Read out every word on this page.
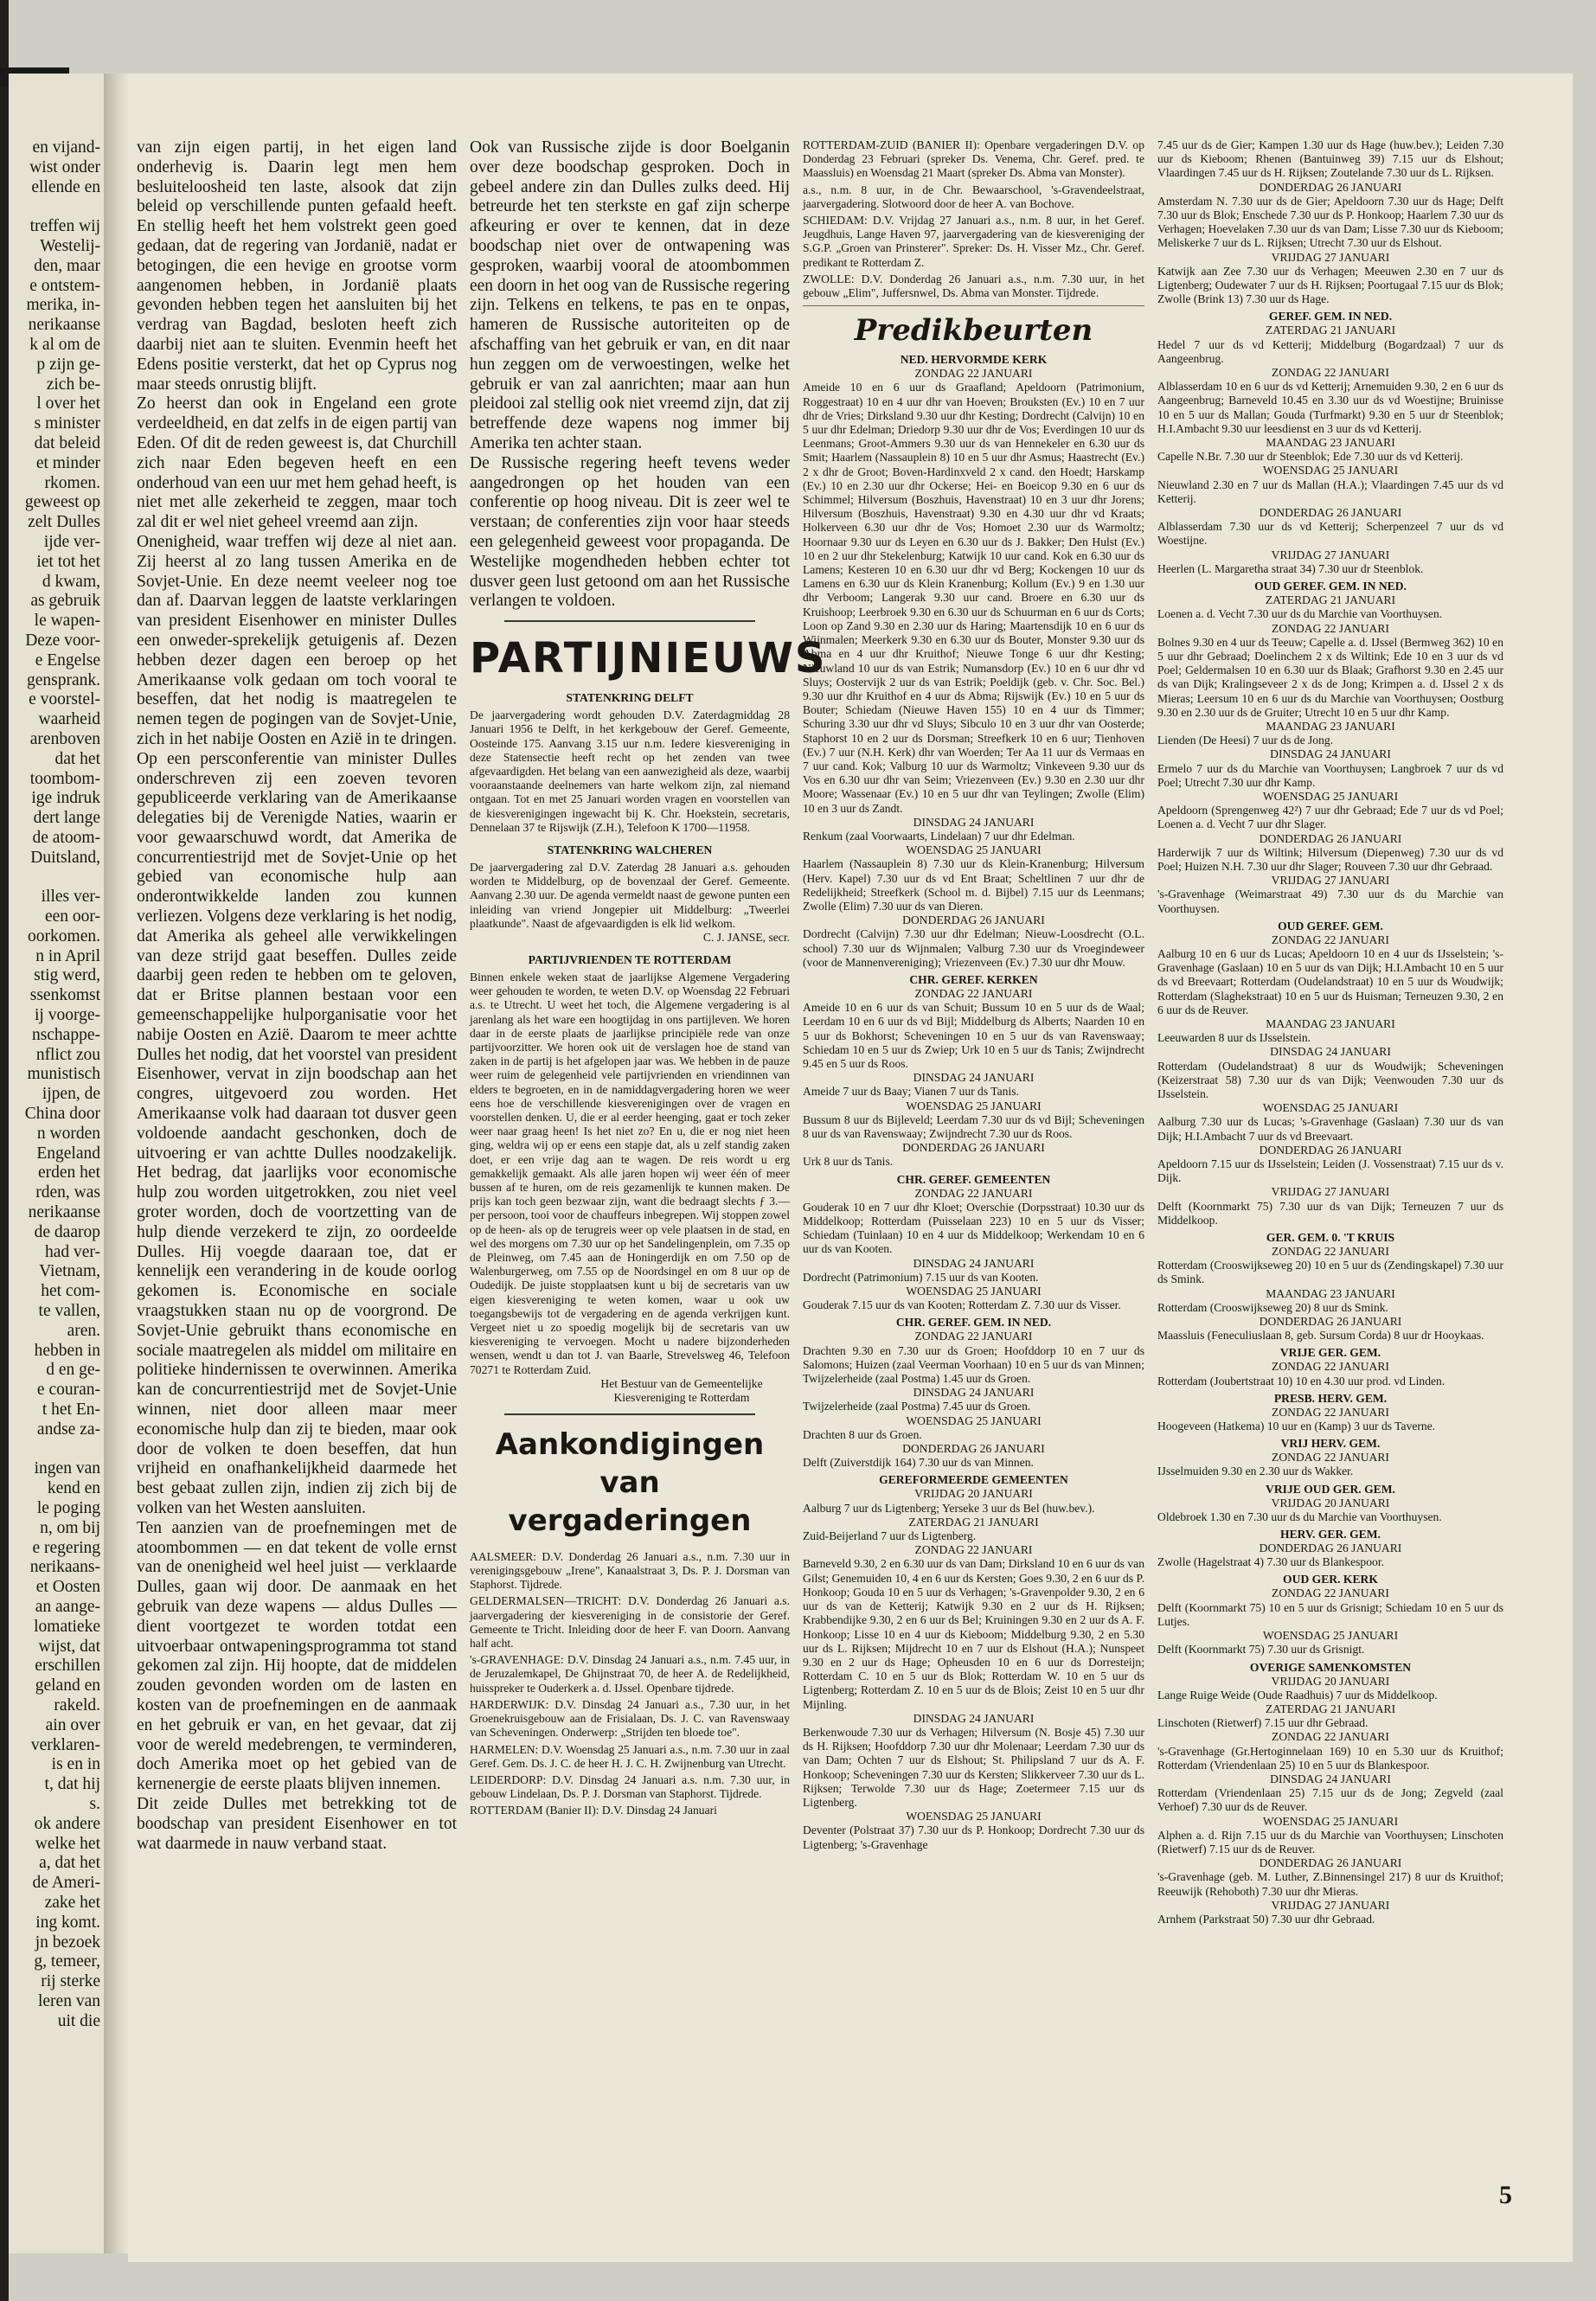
en vijand-
wist onder
ellende en

treffen wij
Westelij-
den, maar
e ontstem-
merika, in-
nerikaanse
k al om de
p zijn ge-
zich be-
l over het
s minister
dat beleid
et minder
rkomen.
geweest op
zelt Dulles
ijde ver-
iet tot het
d kwam,
as gebruik
le wapen-
Deze voor-
e Engelse
gensprank.
e voorstel-
waarheid
arenboven
dat het
toombom-
ige indruk
dert lange
de atoom-
Duitsland,

illes ver-
een oor-
oorkomen.
n in April
stig werd,
ssenkomst
ij voorge-
nschappe-
nflict zou
munistisch
ijpen, de
China door
n worden
Engeland
erden het
rden, was
nerikaanse
de daarop
had ver-
Vietnam,
het com-
te vallen,
aren.
hebben in
d en ge-
e couran-
t het En-
andse za-

ingen van
kend en
le poging
n, om bij
e regering
nerikaans-
et Oosten
an aange-
lomatieke
wijst, dat
erschillen
geland en
rakeld.
ain over
verklaren-
is en in
t, dat hij
s.
ok andere
welke het
a, dat het
de Ameri-
zake het
ing komt.
jn bezoek
g, temeer,
rij sterke
leren van
uit die

van zijn eigen partij, in het eigen land onderhevig is. Daarin legt men hem besluiteloosheid ten laste, alsook dat zijn beleid op verschillende punten gefaald heeft. En stellig heeft het hem volstrekt geen goed gedaan, dat de regering van Jordanië, nadat er betogingen, die een hevige en grootse vorm aangenomen hebben, in Jordanië plaats gevonden hebben tegen het aansluiten bij het verdrag van Bagdad, besloten heeft zich daarbij niet aan te sluiten. Evenmin heeft het Edens positie versterkt, dat het op Cyprus nog maar steeds onrustig blijft.

Zo heerst dan ook in Engeland een grote verdeeldheid, en dat zelfs in de eigen partij van Eden. Of dit de reden geweest is, dat Churchill zich naar Eden begeven heeft en een onderhoud van een uur met hem gehad heeft, is niet met alle zekerheid te zeggen, maar toch zal dit er wel niet geheel vreemd aan zijn.

Onenigheid, waar treffen wij deze al niet aan. Zij heerst al zo lang tussen Amerika en de Sovjet-Unie. En deze neemt veeleer nog toe dan af. Daarvan leggen de laatste verklaringen van president Eisenhower en minister Dulles een onweder-sprekelijk getuigenis af. Dezen hebben dezer dagen een beroep op het Amerikaanse volk gedaan om toch vooral te beseffen, dat het nodig is maatregelen te nemen tegen de pogingen van de Sovjet-Unie, zich in het nabije Oosten en Azië in te dringen. Op een persconferentie van minister Dulles onderschreven zij een zoeven tevoren gepubliceerde verklaring van de Amerikaanse delegaties bij de Verenigde Naties, waarin er voor gewaarschuwd wordt, dat Amerika de concurrentiestrijd met de Sovjet-Unie op het gebied van economische hulp aan onderontwikkelde landen zou kunnen verliezen. Volgens deze verklaring is het nodig, dat Amerika als geheel alle verwikkelingen van deze strijd gaat beseffen. Dulles zeide daarbij geen reden te hebben om te geloven, dat er Britse plannen bestaan voor een gemeenschappelijke hulporganisatie voor het nabije Oosten en Azië. Daarom te meer achtte Dulles het nodig, dat het voorstel van president Eisenhower, vervat in zijn boodschap aan het congres, uitgevoerd zou worden. Het Amerikaanse volk had daaraan tot dusver geen voldoende aandacht geschonken, doch de uitvoering er van achtte Dulles noodzakelijk. Het bedrag, dat jaarlijks voor economische hulp zou worden uitgetrokken, zou niet veel groter worden, doch de voortzetting van de hulp diende verzekerd te zijn, zo oordeelde Dulles. Hij voegde daaraan toe, dat er kennelijk een verandering in de koude oorlog gekomen is. Economische en sociale vraagstukken staan nu op de voorgrond. De Sovjet-Unie gebruikt thans economische en sociale maatregelen als middel om militaire en politieke hindernissen te overwinnen. Amerika kan de concurrentiestrijd met de Sovjet-Unie winnen, niet door alleen maar meer economische hulp dan zij te bieden, maar ook door de volken te doen beseffen, dat hun vrijheid en onafhankelijkheid daarmede het best gebaat zullen zijn, indien zij zich bij de volken van het Westen aansluiten.

Ten aanzien van de proefnemingen met de atoombommen — en dat tekent de volle ernst van de onenigheid wel heel juist — verklaarde Dulles, gaan wij door. De aanmaak en het gebruik van deze wapens — aldus Dulles — dient voortgezet te worden totdat een uitvoerbaar ontwapeningsprogramma tot stand gekomen zal zijn. Hij hoopte, dat de middelen zouden gevonden worden om de lasten en kosten van de proefnemingen en de aanmaak en het gebruik er van, en het gevaar, dat zij voor de wereld medebrengen, te verminderen, doch Amerika moet op het gebied van de kernenergie de eerste plaats blijven innemen.

Dit zeide Dulles met betrekking tot de boodschap van president Eisenhower en tot wat daarmede in nauw verband staat.

Ook van Russische zijde is door Boelganin over deze boodschap gesproken. Doch in gebeel andere zin dan Dulles zulks deed. Hij betreurde het ten sterkste en gaf zijn scherpe afkeuring er over te kennen, dat in deze boodschap niet over de ontwapening was gesproken, waarbij vooral de atoombommen een doorn in het oog van de Russische regering zijn. Telkens en telkens, te pas en te onpas, hameren de Russische autoriteiten op de afschaffing van het gebruik er van, en dit naar hun zeggen om de verwoestingen, welke het gebruik er van zal aanrichten; maar aan hun pleidooi zal stellig ook niet vreemd zijn, dat zij betreffende deze wapens nog immer bij Amerika ten achter staan.

De Russische regering heeft tevens weder aangedrongen op het houden van een conferentie op hoog niveau. Dit is zeer wel te verstaan; de conferenties zijn voor haar steeds een gelegenheid geweest voor propaganda. De Westelijke mogendheden hebben echter tot dusver geen lust getoond om aan het Russische verlangen te voldoen.

PARTIJNIEUWS
STATENKRING DELFT

De jaarvergadering wordt gehouden D.V. Zaterdagmiddag 28 Januari 1956 te Delft, in het kerkgebouw der Geref. Gemeente, Oosteinde 175. Aanvang 3.15 uur n.m. Iedere kiesvereniging in deze Statensectie heeft recht op het zenden van twee afgevaardigden. Het belang van een aanwezigheid als deze, waarbij vooraanstaande deelnemers van harte welkom zijn, zal niemand ontgaan. Tot en met 25 Januari worden vragen en voorstellen van de kiesverenigingen ingewacht bij K. Chr. Hoekstein, secretaris, Dennelaan 37 te Rijswijk (Z.H.), Telefoon K 1700—11958.

STATENKRING WALCHEREN

De jaarvergadering zal D.V. Zaterdag 28 Januari a.s. gehouden worden te Middelburg, op de bovenzaal der Geref. Gemeente. Aanvang 2.30 uur. De agenda vermeldt naast de gewone punten een inleiding van vriend Jongepier uit Middelburg: „Tweerlei plaatkunde". Naast de afgevaardigden is elk lid welkom.

C. J. JANSE, secr.
PARTIJVRIENDEN TE ROTTERDAM

Binnen enkele weken staat de jaarlijkse Algemene Vergadering weer gehouden te worden, te weten D.V. op Woensdag 22 Februari a.s. te Utrecht. U weet het toch, die Algemene vergadering is al jarenlang als het ware een hoogtijdag in ons partijleven. We horen daar in de eerste plaats de jaarlijkse principiële rede van onze partijvoorzitter. We horen ook uit de verslagen hoe de stand van zaken in de partij is het afgelopen jaar was. We hebben in de pauze weer ruim de gelegenheid vele partijvrienden en vriendinnen van elders te begroeten, en in de namiddagvergadering horen we weer eens hoe de verschillende kiesverenigingen over de vragen en voorstellen denken. U, die er al eerder heenging, gaat er toch zeker weer naar graag heen! Is het niet zo? En u, die er nog niet heen ging, weldra wij op er eens een stapje dat, als u zelf standig zaken doet, er een vrije dag aan te wagen. De reis wordt u erg gemakkelijk gemaakt. Als alle jaren hopen wij weer één of meer bussen af te huren, om de reis gezamenlijk te kunnen maken. De prijs kan toch geen bezwaar zijn, want die bedraagt slechts ƒ 3.— per persoon, tooi voor de chauffeurs inbegrepen. Wij stoppen zowel op de heen- als op de terugreis weer op vele plaatsen in de stad, en wel des morgens om 7.30 uur op het Sandelingenplein, om 7.35 op de Pleinweg, om 7.45 aan de Honingerdijk en om 7.50 op de Walenburgerweg, om 7.55 op de Noordsingel en om 8 uur op de Oudedijk. De juiste stopplaatsen kunt u bij de secretaris van uw eigen kiesvereniging te weten komen, waar u ook uw toegangsbewijs tot de vergadering en de agenda verkrijgen kunt. Vergeet niet u zo spoedig mogelijk bij de secretaris van uw kiesvereniging te vervoegen. Mocht u nadere bijzonderheden wensen, wendt u dan tot J. van Baarle, Strevelsweg 46, Telefoon 70271 te Rotterdam Zuid.

Het Bestuur van de Gemeentelijke Kiesvereniging te Rotterdam
Aankondigingen van
vergaderingen

AALSMEER: D.V. Donderdag 26 Januari a.s., n.m. 7.30 uur in verenigingsgebouw „Irene", Kanaalstraat 3, Ds. P. J. Dorsman van Staphorst. Tijdrede.

GELDERMALSEN—TRICHT: D.V. Donderdag 26 Januari a.s. jaarvergadering der kiesvereniging in de consistorie der Geref. Gemeente te Tricht. Inleiding door de heer F. van Doorn. Aanvang half acht.

's-GRAVENHAGE: D.V. Dinsdag 24 Januari a.s., n.m. 7.45 uur, in de Jeruzalemkapel, De Ghijnstraat 70, de heer A. de Redelijkheid, huisspreker te Ouderkerk a. d. IJssel. Openbare tijdrede.

HARDERWIJK: D.V. Dinsdag 24 Januari a.s., 7.30 uur, in het Groenekruisgebouw aan de Frisialaan, Ds. J. C. van Ravenswaay van Scheveningen. Onderwerp: „Strijden ten bloede toe".

HARMELEN: D.V. Woensdag 25 Januari a.s., n.m. 7.30 uur in zaal Geref. Gem. Ds. J. C. de heer H. J. C. H. Zwijnenburg van Utrecht.

LEIDERDORP: D.V. Dinsdag 24 Januari a.s. n.m. 7.30 uur, in gebouw Lindelaan, Ds. P. J. Dorsman van Staphorst. Tijdrede.

ROTTERDAM (Banier II): D.V. Dinsdag 24 Januari

ROTTERDAM-ZUID (BANIER II): Openbare vergaderingen D.V. op Donderdag 23 Februari (spreker Ds. Venema, Chr. Geref. pred. te Maassluis) en Woensdag 21 Maart (spreker Ds. Abma van Monster).

a.s., n.m. 8 uur, in de Chr. Bewaarschool, 's-Gravendeelstraat, jaarvergadering. Slotwoord door de heer A. van Bochove.

SCHIEDAM: D.V. Vrijdag 27 Januari a.s., n.m. 8 uur, in het Geref. Jeugdhuis, Lange Haven 97, jaarvergadering van de kiesvereniging der S.G.P. „Groen van Prinsterer". Spreker: Ds. H. Visser Mz., Chr. Geref. predikant te Rotterdam Z.

ZWOLLE: D.V. Donderdag 26 Januari a.s., n.m. 7.30 uur, in het gebouw „Elim", Juffersnwel, Ds. Abma van Monster. Tijdrede.

Predikbeurten
NED. HERVORMDE KERK
ZONDAG 22 JANUARI

Ameide 10 en 6 uur ds Graafland; Apeldoorn (Patrimonium, Roggestraat) 10 en 4 uur dhr van Hoeven; Brouksten (Ev.) 10 en 7 uur dhr de Vries; Dirksland 9.30 uur dhr Kesting; Dordrecht (Calvijn) 10 en 5 uur dhr Edelman; Driedorp 9.30 uur dhr de Vos; Everdingen 10 uur ds Leenmans; Groot-Ammers 9.30 uur ds van Hennekeler en 6.30 uur ds Smit; Haarlem (Nassauplein 8) 10 en 5 uur dhr Asmus; Haastrecht (Ev.) 2 x dhr de Groot; Boven-Hardinxveld 2 x cand. den Hoedt; Harskamp (Ev.) 10 en 2.30 uur dhr Ockerse; Hei- en Boeicop 9.30 en 6 uur ds Schimmel; Hilversum (Boszhuis, Havenstraat) 10 en 3 uur dhr Jorens; Hilversum (Boszhuis, Havenstraat) 9.30 en 4.30 uur dhr vd Kraats; Holkerveen 6.30 uur dhr de Vos; Homoet 2.30 uur ds Warmoltz; Hoornaar 9.30 uur ds Leyen en 6.30 uur ds J. Bakker; Den Hulst (Ev.) 10 en 2 uur dhr Stekelenburg; Katwijk 10 uur cand. Kok en 6.30 uur ds Lamens; Kesteren 10 en 6.30 uur dhr vd Berg; Kockengen 10 uur ds Lamens en 6.30 uur ds Klein Kranenburg; Kollum (Ev.) 9 en 1.30 uur dhr Verboom; Langerak 9.30 uur cand. Broere en 6.30 uur ds Kruishoop; Leerbroek 9.30 en 6.30 uur ds Schuurman en 6 uur ds Corts; Loon op Zand 9.30 en 2.30 uur ds Haring; Maartensdijk 10 en 6 uur ds Wijnmalen; Meerkerk 9.30 en 6.30 uur ds Bouter, Monster 9.30 uur ds Abma en 4 uur dhr Kruithof; Nieuwe Tonge 6 uur dhr Kesting; Nieuwland 10 uur ds van Estrik; Numansdorp (Ev.) 10 en 6 uur dhr vd Sluys; Oostervijk 2 uur ds van Estrik; Poeldijk (geb. v. Chr. Soc. Bel.) 9.30 uur dhr Kruithof en 4 uur ds Abma; Rijswijk (Ev.) 10 en 5 uur ds Bouter; Schiedam (Nieuwe Haven 155) 10 en 4 uur ds Timmer; Schuring 3.30 uur dhr vd Sluys; Sibculo 10 en 3 uur dhr van Oosterde; Staphorst 10 en 2 uur ds Dorsman; Streefkerk 10 en 6 uur; Tienhoven (Ev.) 7 uur (N.H. Kerk) dhr van Woerden; Ter Aa 11 uur ds Vermaas en 7 uur cand. Kok; Valburg 10 uur ds Warmoltz; Vinkeveen 9.30 uur ds Vos en 6.30 uur dhr van Seim; Vriezenveen (Ev.) 9.30 en 2.30 uur dhr Moore; Wassenaar (Ev.) 10 en 5 uur dhr van Teylingen; Zwolle (Elim) 10 en 3 uur ds Zandt.

DINSDAG 24 JANUARI

Renkum (zaal Voorwaarts, Lindelaan) 7 uur dhr Edelman.

WOENSDAG 25 JANUARI

Haarlem (Nassauplein 8) 7.30 uur ds Klein-Kranenburg; Hilversum (Herv. Kapel) 7.30 uur ds vd Ent Braat; Scheltlinen 7 uur dhr de Redelijkheid; Streefkerk (School m. d. Bijbel) 7.15 uur ds Leenmans; Zwolle (Elim) 7.30 uur ds van Dieren.

DONDERDAG 26 JANUARI

Dordrecht (Calvijn) 7.30 uur dhr Edelman; Nieuw-Loosdrecht (O.L. school) 7.30 uur ds Wijnmalen; Valburg 7.30 uur ds Vroegindeweer (voor de Mannenvereniging); Vriezenveen (Ev.) 7.30 uur dhr Mouw.

CHR. GEREF. KERKEN
ZONDAG 22 JANUARI

Ameide 10 en 6 uur ds van Schuit; Bussum 10 en 5 uur ds de Waal; Leerdam 10 en 6 uur ds vd Bijl; Middelburg ds Alberts; Naarden 10 en 5 uur ds Bokhorst; Scheveningen 10 en 5 uur ds van Ravenswaay; Schiedam 10 en 5 uur ds Zwiep; Urk 10 en 5 uur ds Tanis; Zwijndrecht 9.45 en 5 uur ds Roos.

DINSDAG 24 JANUARI

Ameide 7 uur ds Baay; Vianen 7 uur ds Tanis.

WOENSDAG 25 JANUARI

Bussum 8 uur ds Bijleveld; Leerdam 7.30 uur ds vd Bijl; Scheveningen 8 uur ds van Ravenswaay; Zwijndrecht 7.30 uur ds Roos.

DONDERDAG 26 JANUARI

Urk 8 uur ds Tanis.

CHR. GEREF. GEMEENTEN
ZONDAG 22 JANUARI

Gouderak 10 en 7 uur dhr Kloet; Overschie (Dorpsstraat) 10.30 uur ds Middelkoop; Rotterdam (Puisselaan 223) 10 en 5 uur ds Visser; Schiedam (Tuinlaan) 10 en 4 uur ds Middelkoop; Werkendam 10 en 6 uur ds van Kooten.

DINSDAG 24 JANUARI

Dordrecht (Patrimonium) 7.15 uur ds van Kooten.

WOENSDAG 25 JANUARI

Gouderak 7.15 uur ds van Kooten; Rotterdam Z. 7.30 uur ds Visser.

CHR. GEREF. GEM. IN NED.
ZONDAG 22 JANUARI

Drachten 9.30 en 7.30 uur ds Groen; Hoofddorp 10 en 7 uur ds Salomons; Huizen (zaal Veerman Voorhaan) 10 en 5 uur ds van Minnen; Twijzelerheide (zaal Postma) 1.45 uur ds Groen.

DINSDAG 24 JANUARI

Twijzelerheide (zaal Postma) 7.45 uur ds Groen.

WOENSDAG 25 JANUARI

Drachten 8 uur ds Groen.

DONDERDAG 26 JANUARI

Delft (Zuiverstdijk 164) 7.30 uur ds van Minnen.

GEREFORMEERDE GEMEENTEN
VRIJDAG 20 JANUARI

Aalburg 7 uur ds Ligtenberg; Yerseke 3 uur ds Bel (huw.bev.).

ZATERDAG 21 JANUARI

Zuid-Beijerland 7 uur ds Ligtenberg.

ZONDAG 22 JANUARI

Barneveld 9.30, 2 en 6.30 uur ds van Dam; Dirksland 10 en 6 uur ds van Gilst; Genemuiden 10, 4 en 6 uur ds Kersten; Goes 9.30, 2 en 6 uur ds P. Honkoop; Gouda 10 en 5 uur ds Verhagen; 's-Gravenpolder 9.30, 2 en 6 uur ds van de Ketterij; Katwijk 9.30 en 2 uur ds H. Rijksen; Krabbendijke 9.30, 2 en 6 uur ds Bel; Kruiningen 9.30 en 2 uur ds A. F. Honkoop; Lisse 10 en 4 uur ds Kieboom; Middelburg 9.30, 2 en 5.30 uur ds L. Rijksen; Mijdrecht 10 en 7 uur ds Elshout (H.A.); Nunspeet 9.30 en 2 uur ds Hage; Opheusden 10 en 6 uur ds Dorresteijn; Rotterdam C. 10 en 5 uur ds Blok; Rotterdam W. 10 en 5 uur ds Ligtenberg; Rotterdam Z. 10 en 5 uur ds de Blois; Zeist 10 en 5 uur dhr Mijnling.

DINSDAG 24 JANUARI

Berkenwoude 7.30 uur ds Verhagen; Hilversum (N. Bosje 45) 7.30 uur ds H. Rijksen; Hoofddorp 7.30 uur dhr Molenaar; Leerdam 7.30 uur ds van Dam; Ochten 7 uur ds Elshout; St. Philipsland 7 uur ds A. F. Honkoop; Scheveningen 7.30 uur ds Kersten; Slikkerveer 7.30 uur ds L. Rijksen; Terwolde 7.30 uur ds Hage; Zoetermeer 7.15 uur ds Ligtenberg.

WOENSDAG 25 JANUARI

Deventer (Polstraat 37) 7.30 uur ds P. Honkoop; Dordrecht 7.30 uur ds Ligtenberg; 's-Gravenhage

7.45 uur ds de Gier; Kampen 1.30 uur ds Hage (huw.bev.); Leiden 7.30 uur ds Kieboom; Rhenen (Bantuinweg 39) 7.15 uur ds Elshout; Vlaardingen 7.45 uur ds H. Rijksen; Zoutelande 7.30 uur ds L. Rijksen.

DONDERDAG 26 JANUARI

Amsterdam N. 7.30 uur ds de Gier; Apeldoorn 7.30 uur ds Hage; Delft 7.30 uur ds Blok; Enschede 7.30 uur ds P. Honkoop; Haarlem 7.30 uur ds Verhagen; Hoevelaken 7.30 uur ds van Dam; Lisse 7.30 uur ds Kieboom; Meliskerke 7 uur ds L. Rijksen; Utrecht 7.30 uur ds Elshout.

VRIJDAG 27 JANUARI

Katwijk aan Zee 7.30 uur ds Verhagen; Meeuwen 2.30 en 7 uur ds Ligtenberg; Oudewater 7 uur ds H. Rijksen; Poortugaal 7.15 uur ds Blok; Zwolle (Brink 13) 7.30 uur ds Hage.

GEREF. GEM. IN NED.
ZATERDAG 21 JANUARI

Hedel 7 uur ds vd Ketterij; Middelburg (Bogardzaal) 7 uur ds Aangeenbrug.

ZONDAG 22 JANUARI

Alblasserdam 10 en 6 uur ds vd Ketterij; Arnemuiden 9.30, 2 en 6 uur ds Aangeenbrug; Barneveld 10.45 en 3.30 uur ds vd Woestijne; Bruinisse 10 en 5 uur ds Mallan; Gouda (Turfmarkt) 9.30 en 5 uur dr Steenblok; H.I.Ambacht 9.30 uur leesdienst en 3 uur ds vd Ketterij.

MAANDAG 23 JANUARI

Capelle N.Br. 7.30 uur dr Steenblok; Ede 7.30 uur ds vd Ketterij.

WOENSDAG 25 JANUARI

Nieuwland 2.30 en 7 uur ds Mallan (H.A.); Vlaardingen 7.45 uur ds vd Ketterij.

DONDERDAG 26 JANUARI

Alblasserdam 7.30 uur ds vd Ketterij; Scherpenzeel 7 uur ds vd Woestijne.

VRIJDAG 27 JANUARI

Heerlen (L. Margaretha straat 34) 7.30 uur dr Steenblok.

OUD GEREF. GEM. IN NED.
ZATERDAG 21 JANUARI

Loenen a. d. Vecht 7.30 uur ds du Marchie van Voorthuysen.

ZONDAG 22 JANUARI

Bolnes 9.30 en 4 uur ds Teeuw; Capelle a. d. IJssel (Bermweg 362) 10 en 5 uur dhr Gebraad; Doelinchem 2 x ds Wiltink; Ede 10 en 3 uur ds vd Poel; Geldermalsen 10 en 6.30 uur ds Blaak; Grafhorst 9.30 en 2.45 uur ds van Dijk; Kralingseveer 2 x ds de Jong; Krimpen a. d. IJssel 2 x ds Mieras; Leersum 10 en 6 uur ds du Marchie van Voorthuysen; Oostburg 9.30 en 2.30 uur ds de Gruiter; Utrecht 10 en 5 uur dhr Kamp.

MAANDAG 23 JANUARI

Lienden (De Heesi) 7 uur ds de Jong.

DINSDAG 24 JANUARI

Ermelo 7 uur ds du Marchie van Voorthuysen; Langbroek 7 uur ds vd Poel; Utrecht 7.30 uur dhr Kamp.

WOENSDAG 25 JANUARI

Apeldoorn (Sprengenweg 42²) 7 uur dhr Gebraad; Ede 7 uur ds vd Poel; Loenen a. d. Vecht 7 uur dhr Slager.

DONDERDAG 26 JANUARI

Harderwijk 7 uur ds Wiltink; Hilversum (Diepenweg) 7.30 uur ds vd Poel; Huizen N.H. 7.30 uur dhr Slager; Rouveen 7.30 uur dhr Gebraad.

VRIJDAG 27 JANUARI

's-Gravenhage (Weimarstraat 49) 7.30 uur ds du Marchie van Voorthuysen.

OUD GEREF. GEM.
ZONDAG 22 JANUARI

Aalburg 10 en 6 uur ds Lucas; Apeldoorn 10 en 4 uur ds IJsselstein; 's-Gravenhage (Gaslaan) 10 en 5 uur ds van Dijk; H.I.Ambacht 10 en 5 uur ds vd Breevaart; Rotterdam (Oudelandstraat) 10 en 5 uur ds Woudwijk; Rotterdam (Slaghekstraat) 10 en 5 uur ds Huisman; Terneuzen 9.30, 2 en 6 uur ds de Reuver.

MAANDAG 23 JANUARI

Leeuwarden 8 uur ds IJsselstein.

DINSDAG 24 JANUARI

Rotterdam (Oudelandstraat) 8 uur ds Woudwijk; Scheveningen (Keizerstraat 58) 7.30 uur ds van Dijk; Veenwouden 7.30 uur ds IJsselstein.

WOENSDAG 25 JANUARI

Aalburg 7.30 uur ds Lucas; 's-Gravenhage (Gaslaan) 7.30 uur ds van Dijk; H.I.Ambacht 7 uur ds vd Breevaart.

DONDERDAG 26 JANUARI

Apeldoorn 7.15 uur ds IJsselstein; Leiden (J. Vossenstraat) 7.15 uur ds v. Dijk.

VRIJDAG 27 JANUARI

Delft (Koornmarkt 75) 7.30 uur ds van Dijk; Terneuzen 7 uur ds Middelkoop.

GER. GEM. 0. 'T KRUIS
ZONDAG 22 JANUARI

Rotterdam (Crooswijkseweg 20) 10 en 5 uur ds (Zendingskapel) 7.30 uur ds Smink.

MAANDAG 23 JANUARI

Rotterdam (Crooswijkseweg 20) 8 uur ds Smink.

DONDERDAG 26 JANUARI

Maassluis (Feneculiuslaan 8, geb. Sursum Corda) 8 uur dr Hooykaas.

VRIJE GER. GEM.
ZONDAG 22 JANUARI

Rotterdam (Joubertstraat 10) 10 en 4.30 uur prod. vd Linden.

PRESB. HERV. GEM.
ZONDAG 22 JANUARI

Hoogeveen (Hatkema) 10 uur en (Kamp) 3 uur ds Taverne.

VRIJ HERV. GEM.
ZONDAG 22 JANUARI

IJsselmuiden 9.30 en 2.30 uur ds Wakker.

VRIJE OUD GER. GEM.
VRIJDAG 20 JANUARI

Oldebroek 1.30 en 7.30 uur ds du Marchie van Voorthuysen.

HERV. GER. GEM.
DONDERDAG 26 JANUARI

Zwolle (Hagelstraat 4) 7.30 uur ds Blankespoor.

OUD GER. KERK
ZONDAG 22 JANUARI

Delft (Koornmarkt 75) 10 en 5 uur ds Grisnigt; Schiedam 10 en 5 uur ds Lutjes.

WOENSDAG 25 JANUARI

Delft (Koornmarkt 75) 7.30 uur ds Grisnigt.

OVERIGE SAMENKOMSTEN
VRIJDAG 20 JANUARI

Lange Ruige Weide (Oude Raadhuis) 7 uur ds Middelkoop.

ZATERDAG 21 JANUARI

Linschoten (Rietwerf) 7.15 uur dhr Gebraad.

ZONDAG 22 JANUARI

's-Gravenhage (Gr.Hertoginnelaan 169) 10 en 5.30 uur ds Kruithof; Rotterdam (Vriendenlaan 25) 10 en 5 uur ds Blankespoor.

DINSDAG 24 JANUARI

Rotterdam (Vriendenlaan 25) 7.15 uur ds de Jong; Zegveld (zaal Verhoef) 7.30 uur ds de Reuver.

WOENSDAG 25 JANUARI

Alphen a. d. Rijn 7.15 uur ds du Marchie van Voorthuysen; Linschoten (Rietwerf) 7.15 uur ds de Reuver.

DONDERDAG 26 JANUARI

's-Gravenhage (geb. M. Luther, Z.Binnensingel 217) 8 uur ds Kruithof; Reeuwijk (Rehoboth) 7.30 uur dhr Mieras.

VRIJDAG 27 JANUARI

Arnhem (Parkstraat 50) 7.30 uur dhr Gebraad.

5
